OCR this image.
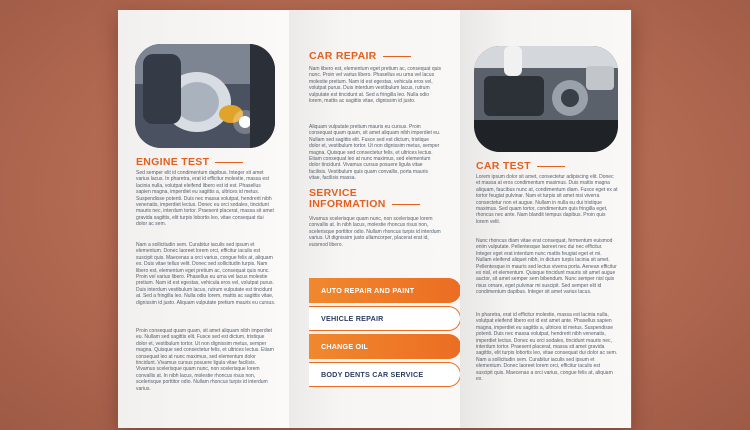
ENGINE TEST

Sed semper elit id condimentum dapibus. Integer sit amet varius lacus. In pharetra, erat id efficitur molestie, massa est lacinia nulla, volutpat eleifend libero est id est. Phasellus sapien magna, imperdiet eu sagittis a, ultrices id metus. Suspendisse potenti. Duis nec massa volutpat, hendrerit nibh venenatis, imperdiet lectus. Donec eu orci sodales, tincidunt mauris nec, interdum tortor. Praesent placerat, massa sit amet gravida sagittis, elit turpis lobortis leo, vitae consequat dui dolor ac sem.

Nam a sollicitudin sem. Curabitur iaculis sed ipsum et elementum. Donec laoreet lorem orci, efficitur iaculis est suscipit quis. Maecenas a orci varius, congue felis at, aliquam ex. Duis vitae tellus velit. Donec sed sollicitudin turpis. Nam libero est, elementum eget pretium ac, consequat quis nunc. Proin vel varius libero. Phasellus eu urna vel lacus molestie pretium. Nam id est egestas, vehicula eros vel, volutpat purus. Duis interdum vestibulum lacus, rutrum vulputate est tincidunt at. Sed a fringilla leo. Nulla odio lorem, mattis ac sagittis vitae, dignissim id justo. Aliquam vulputate pretium mauris eu cursus.

Proin consequat quam quam, sit amet aliquam nibh imperdiet eu. Nullam sed sagittis elit. Fusce sed est dictum, tristique dolor et, vestibulum tortor. Ut non dignissim metus, semper magna. Quisque sed consectetur felis, et ultrices lectus. Etiam consequat leo at nunc maximus, sed elementum dolor tincidunt. Vivamus cursus posuere ligula vitae facilisis. Vivamus scelerisque quam nunc, non scelerisque lorem convallis at. In nibh lacus, molestie rhoncus risus non, scelerisque porttitor odio. Nullam rhoncus turpis id interdum varius.

CAR REPAIR

Nam libero est, elementum eget pretium ac, consequat quis nunc. Proin vel varius libero. Phasellus eu urna vel lacus molestie pretium. Nam id est egestas, vehicula eros vel, volutpat purus. Duis interdum vestibulum lacus, rutrum vulputate est tincidunt at. Sed a fringilla leo. Nulla odio lorem, mattis ac sagittis vitae, dignissim id justo.

Aliquam vulputate pretium mauris eu cursus. Proin consequat quam quam, sit amet aliquam nibh imperdiet eu. Nullam sed sagittis elit. Fusce sed est dictum, tristique dolor et, vestibulum tortor. Ut non dignissim metus, semper magna. Quisque sed consectetur felis, et ultrices lectus. Etiam consequat leo at nunc maximus, sed elementum dolor tincidunt. Vivamus cursus posuere ligula vitae facilisis. Vestibulum quis quam convallis, porta mauris vitae, facilisis massa.

SERVICE
INFORMATION

Vivamus scelerisque quam nunc, non scelerisque lorem convallis at. In nibh lacus, molestie rhoncus risus non, scelerisque porttitor odio. Nullam rhoncus turpis id interdum varius. Ut dignissim justo ullamcorper, placerat erat id, euismod libero.

AUTO REPAIR AND PAINT
VEHICLE REPAIR
CHANGE OIL
BODY DENTS CAR SERVICE
CAR TEST

Lorem ipsum dolor sit amet, consectetur adipiscing elit. Donec et massa at eros condimentum maximus. Duis mattis magna aliquam, faucibus nunc at, condimentum diam. Fusce eget ex at tortor feugiat pulvinar. Nam et turpis sit amet nisi viverra consectetur non et augue. Nullam in nulla eu dui tristique maximus. Sed quam tortor, condimentum quis fringilla eget, rhoncus nec ante. Nam blandit tempus dapibus. Proin quis lorem velit.

Nunc rhoncus diam vitae erat consequat, fermentum euismod enim vulputate. Pellentesque laoreet nec dui nec efficitur. Integer eget erat interdum nunc mattis feugiat eget et mi. Nullam eleifend aliquet nibh, in dictum turpis lacinia sit amet. Pellentesque in mauris sed lectus viverra porta. Aenean efficitur ex nisl, et elementum. Quisque tincidunt mauris sit amet augue auctor, sit amet semper sem bibendum. Nunc semper nisl quis risus ornare, eget pulvinar mi suscipit. Sed semper elit id condimentum dapibus. Integer sit amet varius lacus.

In pharetra, erat id efficitur molestie, massa est lacinia nulla, volutpat eleifend libero est id est amet ante. Phasellus sapien magna, imperdiet eu sagittis a, ultrices id metus. Suspendisse potenti. Duis nec massa volutpat, hendrerit nibh venenatis, imperdiet lectus. Donec eu orci sodales, tincidunt mauris nec, interdum tortor. Praesent placerat, massa sit amet gravida sagittis, elit turpis lobortis leo, vitae consequat dui dolor ac sem. Nam a sollicitudin sem. Curabitur iaculis sed ipsum et elementum. Donec laoreet lorem orci, efficitur iaculis est suscipit quis. Maecenas a orci varius, congue felis at, aliquam ex.
